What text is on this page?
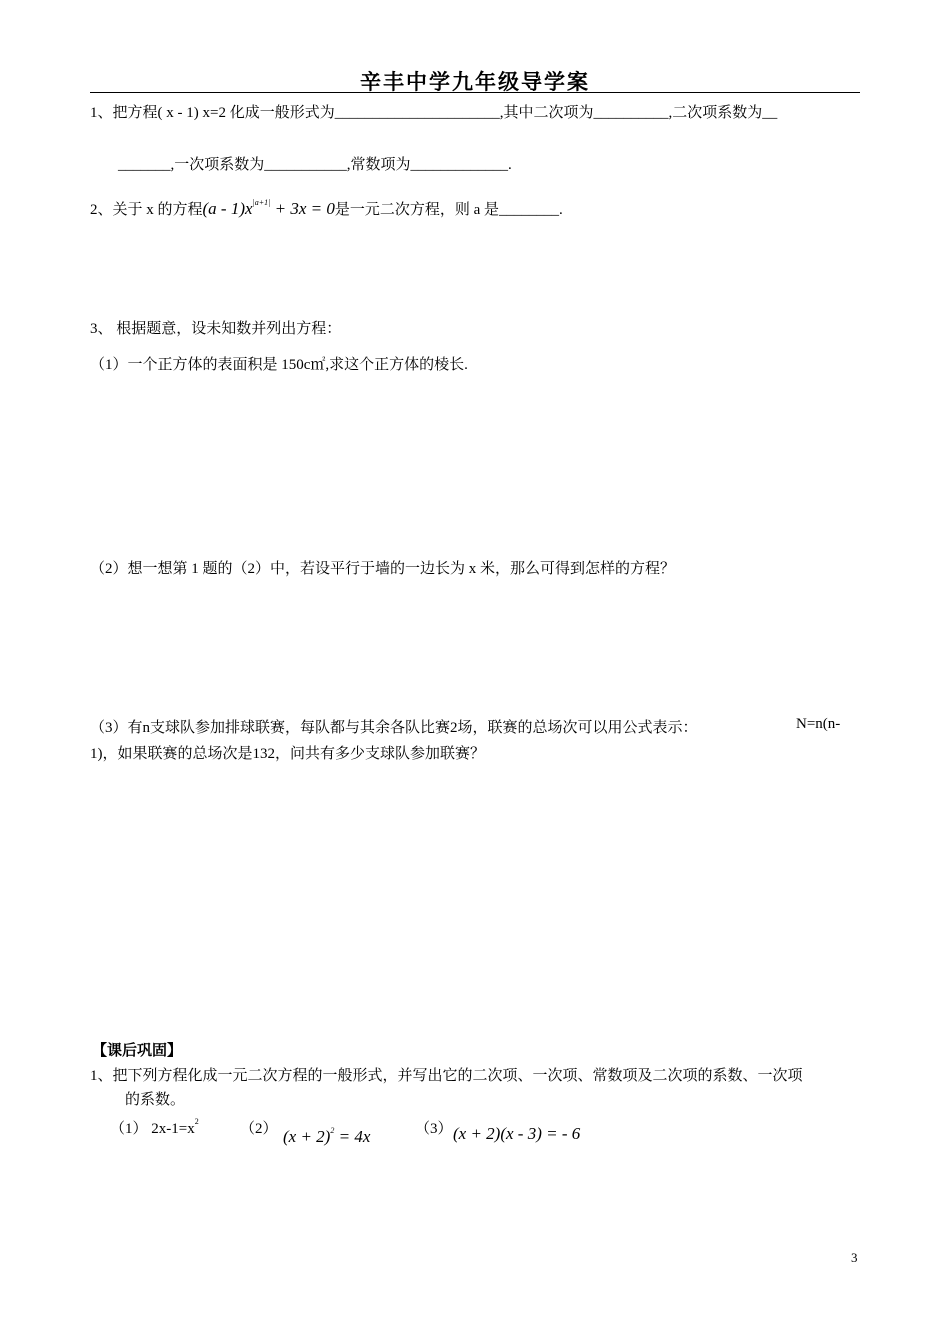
辛丰中学九年级导学案
1、把方程( x - 1) x=2 化成一般形式为______________________,其中二次项为__________,二次项系数为__
_______,一次项系数为___________,常数项为_____________.
2、关于 x 的方程$(a - 1)x^{|a+1|} + 3x = 0$是一元二次方程，则 a 是________.
3、 根据题意，设未知数并列出方程：
（1）一个正方体的表面积是 150c㎡,求这个正方体的棱长.
（2）想一想第 1 题的（2）中，若设平行于墙的一边长为 x 米，那么可得到怎样的方程？
（3）有n支球队参加排球联赛，每队都与其余各队比赛2场，联赛的总场次可以用公式表示：	N=n(n-
1)，如果联赛的总场次是132，问共有多少支球队参加联赛？
【课后巩固】
1、把下列方程化成一元二次方程的一般形式，并写出它的二次项、一次项、常数项及二次项的系数、一次项
的系数。
（1） $2x-1=x^2$	（2） $(x + 2)^2 = 4x$	（3） (x + 2)(x - 3) = - 6
3
